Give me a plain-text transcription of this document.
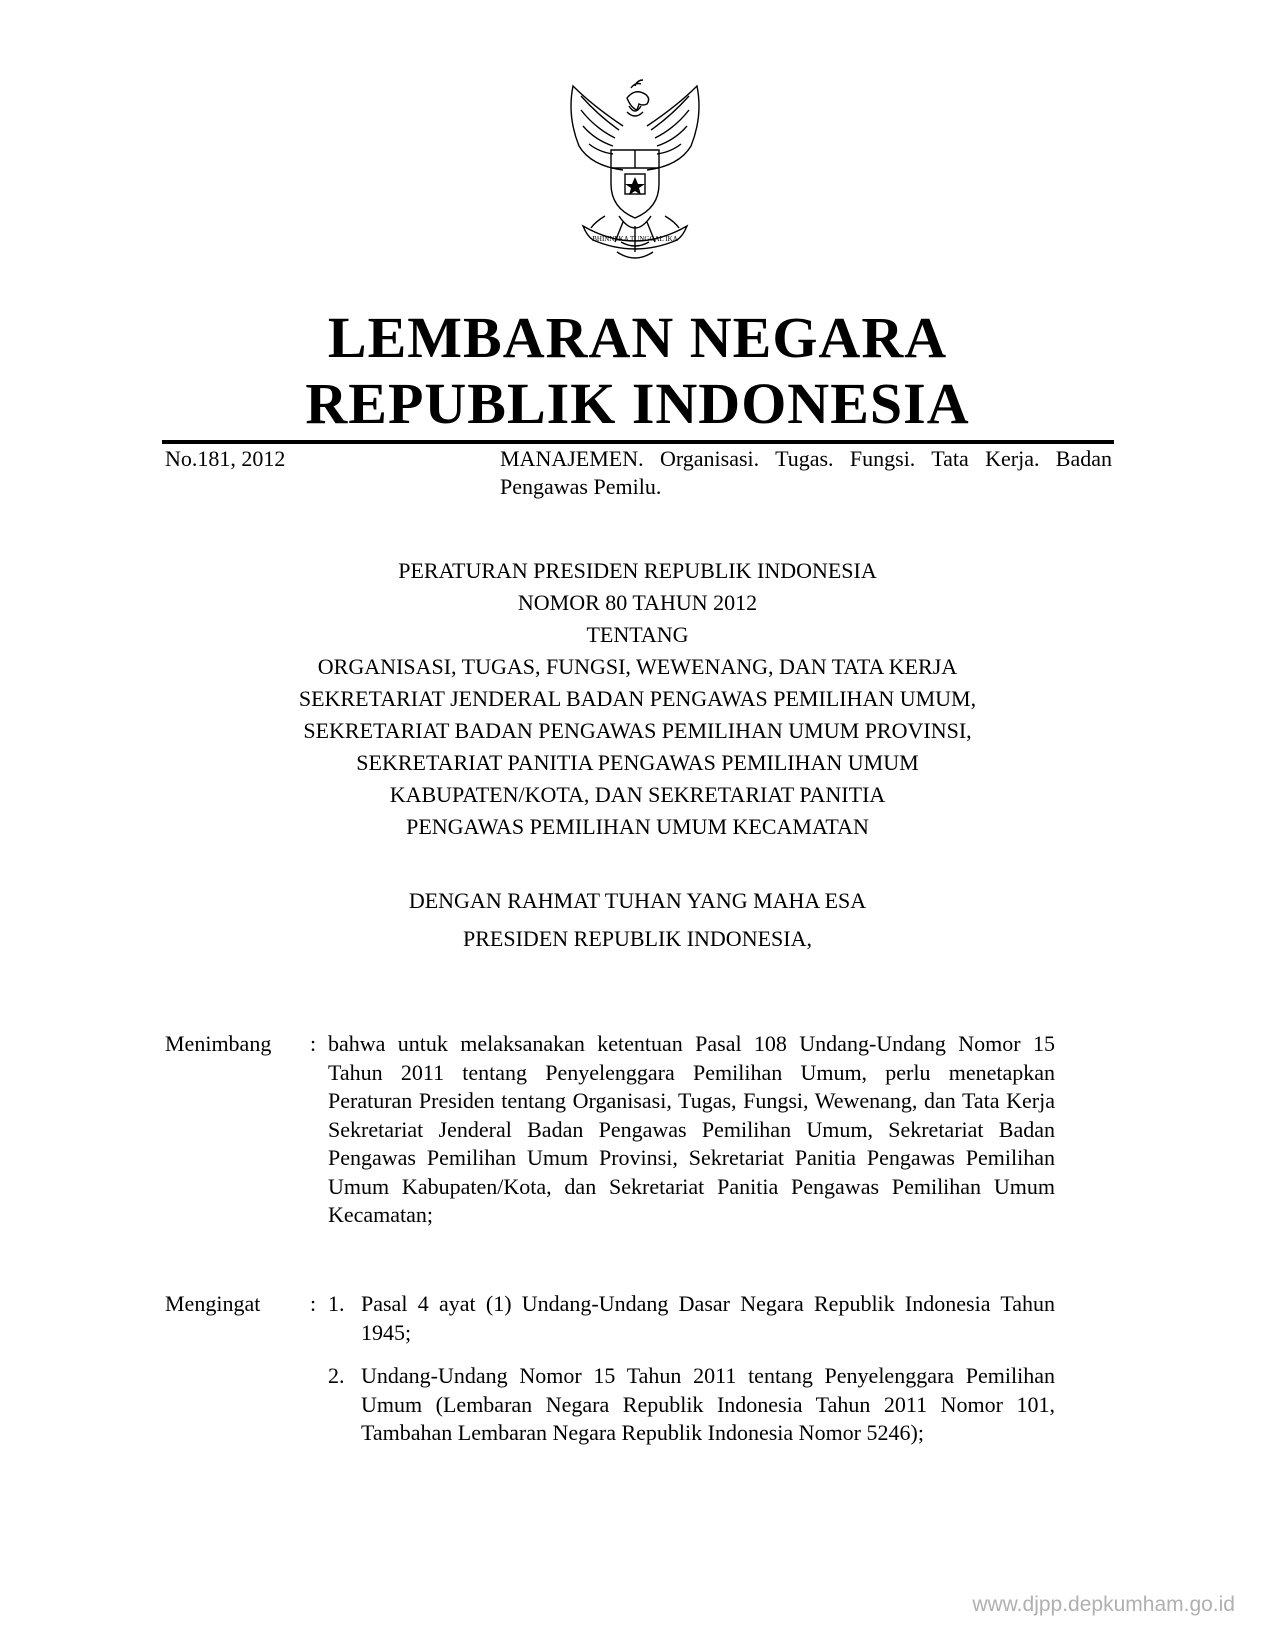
BHINNEKA TUNGGAL IKA
LEMBARAN NEGARA
REPUBLIK INDONESIA
No.181, 2012	MANAJEMEN. Organisasi. Tugas. Fungsi. Tata Kerja. Badan Pengawas Pemilu.
PERATURAN PRESIDEN REPUBLIK INDONESIA
NOMOR 80 TAHUN 2012
TENTANG
ORGANISASI, TUGAS, FUNGSI, WEWENANG, DAN TATA KERJA
SEKRETARIAT JENDERAL BADAN PENGAWAS PEMILIHAN UMUM,
SEKRETARIAT BADAN PENGAWAS PEMILIHAN UMUM PROVINSI,
SEKRETARIAT PANITIA PENGAWAS PEMILIHAN UMUM
KABUPATEN/KOTA, DAN SEKRETARIAT PANITIA
PENGAWAS PEMILIHAN UMUM KECAMATAN
DENGAN RAHMAT TUHAN YANG MAHA ESA
PRESIDEN REPUBLIK INDONESIA,
Menimbang : bahwa untuk melaksanakan ketentuan Pasal 108 Undang-Undang Nomor 15 Tahun 2011 tentang Penyelenggara Pemilihan Umum, perlu menetapkan Peraturan Presiden tentang Organisasi, Tugas, Fungsi, Wewenang, dan Tata Kerja Sekretariat Jenderal Badan Pengawas Pemilihan Umum, Sekretariat Badan Pengawas Pemilihan Umum Provinsi, Sekretariat Panitia Pengawas Pemilihan Umum Kabupaten/Kota, dan Sekretariat Panitia Pengawas Pemilihan Umum Kecamatan;
Mengingat : 1. Pasal 4 ayat (1) Undang-Undang Dasar Negara Republik Indonesia Tahun 1945;
2. Undang-Undang Nomor 15 Tahun 2011 tentang Penyelenggara Pemilihan Umum (Lembaran Negara Republik Indonesia Tahun 2011 Nomor 101, Tambahan Lembaran Negara Republik Indonesia Nomor 5246);
www.djpp.depkumham.go.id
